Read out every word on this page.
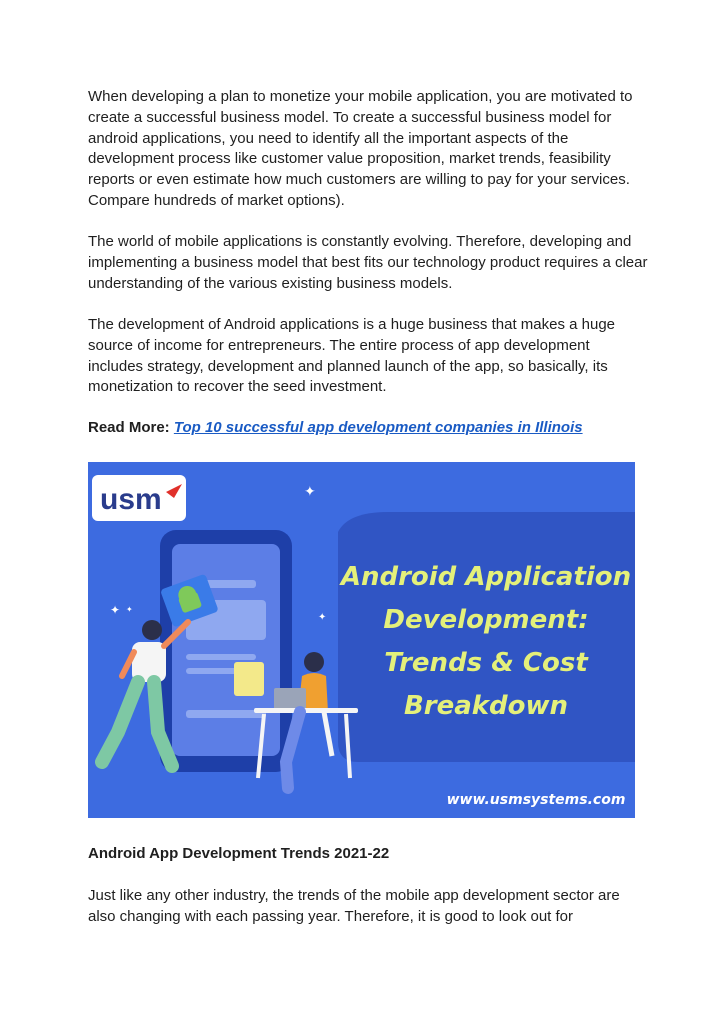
When developing a plan to monetize your mobile application, you are motivated to create a successful business model. To create a successful business model for android applications, you need to identify all the important aspects of the development process like customer value proposition, market trends, feasibility reports or even estimate how much customers are willing to pay for your services. Compare hundreds of market options).

The world of mobile applications is constantly evolving. Therefore, developing and implementing a business model that best fits our technology product requires a clear understanding of the various existing business models.

The development of Android applications is a huge business that makes a huge source of income for entrepreneurs. The entire process of app development includes strategy, development and planned launch of the app, so basically, its monetization to recover the seed investment.

Read More: Top 10 successful app development companies in Illinois

usm
✦ ✦
✦
✦
Android Application
Development:
Trends & Cost
Breakdown
www.usmsystems.com

Android App Development Trends 2021-22

Just like any other industry, the trends of the mobile app development sector are also changing with each passing year. Therefore, it is good to look out for
